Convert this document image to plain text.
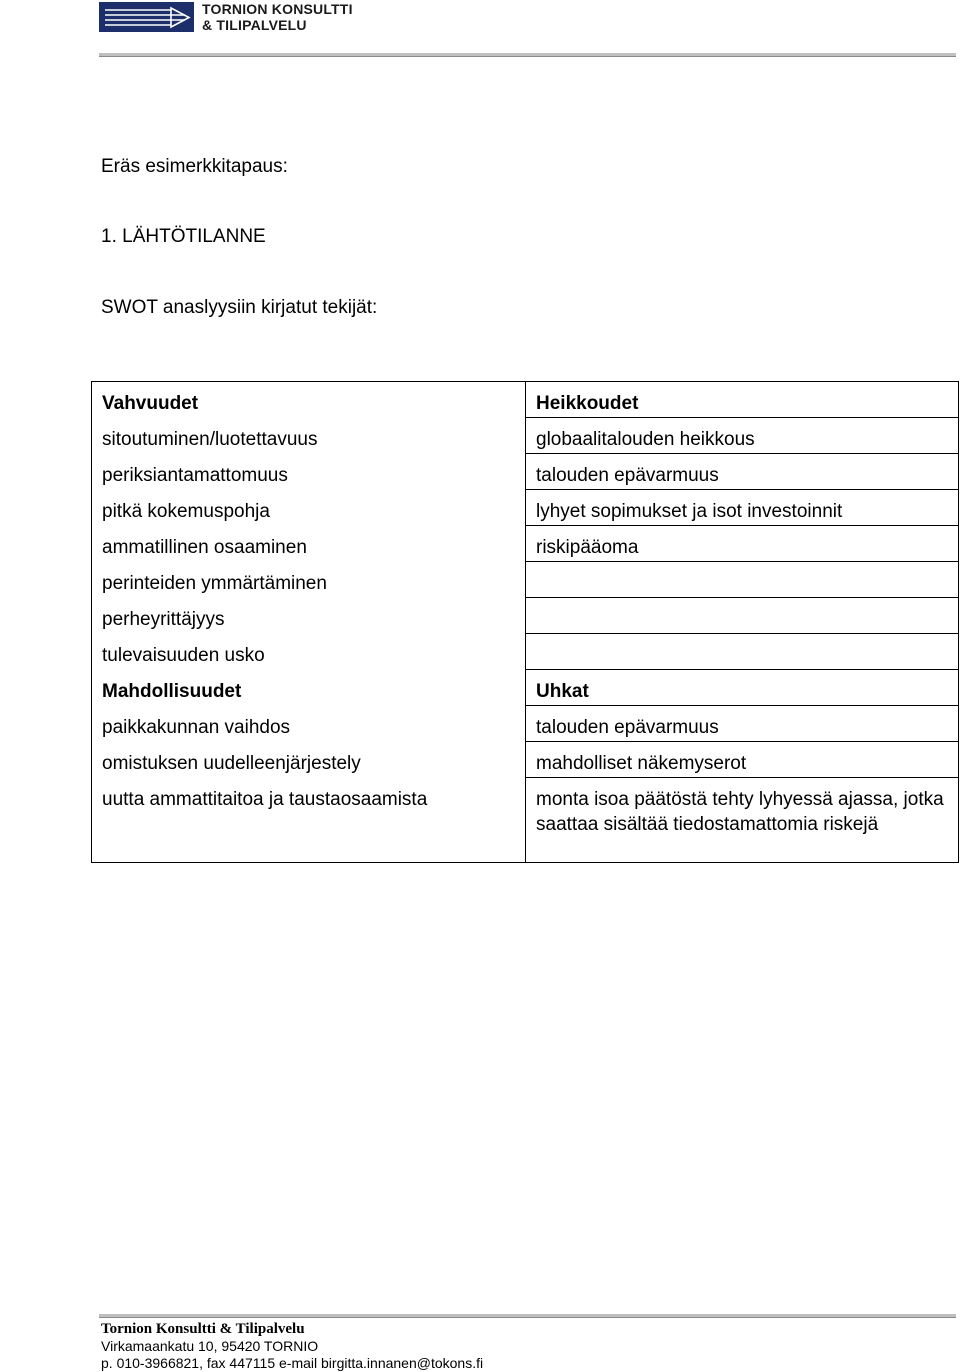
TORNION KONSULTTI
& TILIPALVELU
Eräs esimerkkitapaus:
1. LÄHTÖTILANNE
SWOT anaslyysiin kirjatut tekijät:
Vahvuudet	Heikkoudet
sitoutuminen/luotettavuus	globaalitalouden heikkous
periksiantamattomuus	talouden epävarmuus
pitkä kokemuspohja	lyhyet sopimukset ja isot investoinnit
ammatillinen osaaminen	riskipääoma
perinteiden ymmärtäminen	
perheyrittäjyys	
tulevaisuuden usko	
Mahdollisuudet	Uhkat
paikkakunnan vaihdos	talouden epävarmuus
omistuksen uudelleenjärjestely	mahdolliset näkemyserot
uutta ammattitaitoa ja taustaosaamista	monta isoa päätöstä tehty lyhyessä ajassa, jotka saattaa sisältää tiedostamattomia riskejä
Tornion Konsultti & Tilipalvelu
Virkamaankatu 10, 95420 TORNIO
p. 010-3966821, fax 447115 e-mail birgitta.innanen@tokons.fi
